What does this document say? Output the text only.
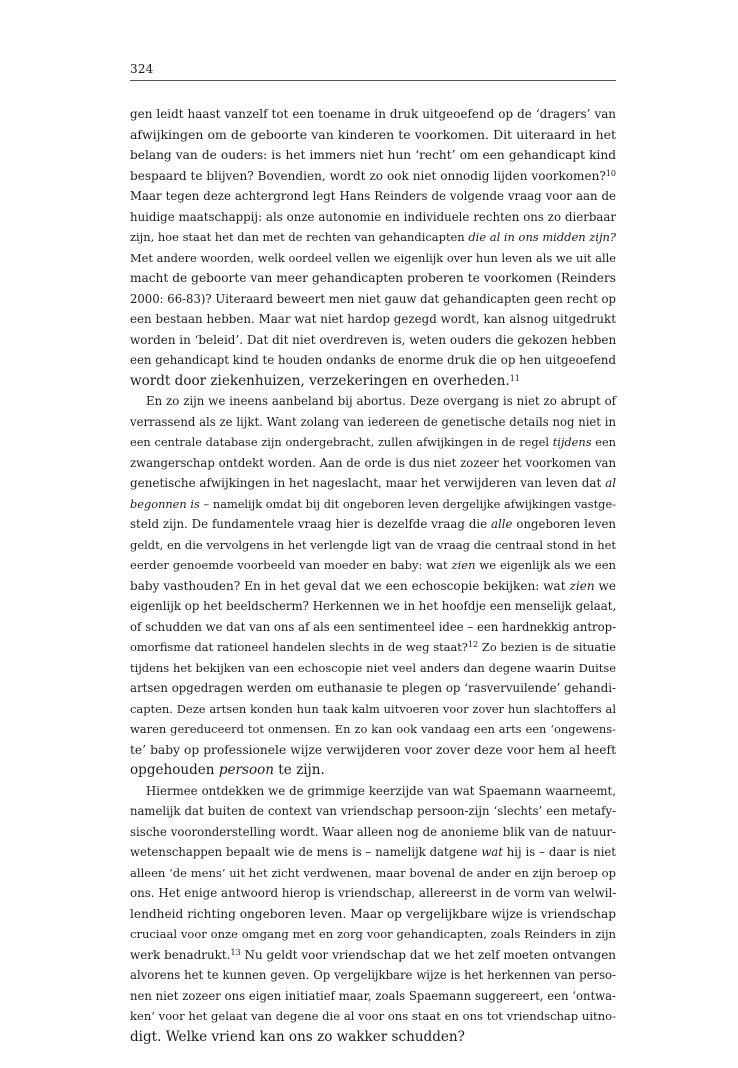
324
gen leidt haast vanzelf tot een toename in druk uitgeoefend op de ‘dragers’ van
afwijkingen om de geboorte van kinderen te voorkomen. Dit uiteraard in het
belang van de ouders: is het immers niet hun ‘recht’ om een gehandicapt kind
bespaard te blijven? Bovendien, wordt zo ook niet onnodig lijden voorkomen?$^{10}$
Maar tegen deze achtergrond legt Hans Reinders de volgende vraag voor aan de
huidige maatschappij: als onze autonomie en individuele rechten ons zo dierbaar
zijn, hoe staat het dan met de rechten van gehandicapten die al in ons midden zijn?
Met andere woorden, welk oordeel vellen we eigenlijk over hun leven als we uit alle
macht de geboorte van meer gehandicapten proberen te voorkomen (Reinders
2000: 66-83)? Uiteraard beweert men niet gauw dat gehandicapten geen recht op
een bestaan hebben. Maar wat niet hardop gezegd wordt, kan alsnog uitgedrukt
worden in ‘beleid’. Dat dit niet overdreven is, weten ouders die gekozen hebben
een gehandicapt kind te houden ondanks de enorme druk die op hen uitgeoefend
wordt door ziekenhuizen, verzekeringen en overheden.$^{11}$
En zo zijn we ineens aanbeland bij abortus. Deze overgang is niet zo abrupt of
verrassend als ze lijkt. Want zolang van iedereen de genetische details nog niet in
een centrale database zijn ondergebracht, zullen afwijkingen in de regel tijdens een
zwangerschap ontdekt worden. Aan de orde is dus niet zozeer het voorkomen van
genetische afwijkingen in het nageslacht, maar het verwijderen van leven dat al
begonnen is – namelijk omdat bij dit ongeboren leven dergelijke afwijkingen vastge-
steld zijn. De fundamentele vraag hier is dezelfde vraag die alle ongeboren leven
geldt, en die vervolgens in het verlengde ligt van de vraag die centraal stond in het
eerder genoemde voorbeeld van moeder en baby: wat zien we eigenlijk als we een
baby vasthouden? En in het geval dat we een echoscopie bekijken: wat zien we
eigenlijk op het beeldscherm? Herkennen we in het hoofdje een menselijk gelaat,
of schudden we dat van ons af als een sentimenteel idee – een hardnekkig antrop-
omorfisme dat rationeel handelen slechts in de weg staat?$^{12}$ Zo bezien is de situatie
tijdens het bekijken van een echoscopie niet veel anders dan degene waarin Duitse
artsen opgedragen werden om euthanasie te plegen op ‘rasvervuilende’ gehandi-
capten. Deze artsen konden hun taak kalm uitvoeren voor zover hun slachtoffers al
waren gereduceerd tot onmensen. En zo kan ook vandaag een arts een ‘ongewens-
te’ baby op professionele wijze verwijderen voor zover deze voor hem al heeft
opgehouden persoon te zijn.
Hiermee ontdekken we de grimmige keerzijde van wat Spaemann waarneemt,
namelijk dat buiten de context van vriendschap persoon-zijn ‘slechts’ een metafy-
sische vooronderstelling wordt. Waar alleen nog de anonieme blik van de natuur-
wetenschappen bepaalt wie de mens is – namelijk datgene wat hij is – daar is niet
alleen ‘de mens’ uit het zicht verdwenen, maar bovenal de ander en zijn beroep op
ons. Het enige antwoord hierop is vriendschap, allereerst in de vorm van welwil-
lendheid richting ongeboren leven. Maar op vergelijkbare wijze is vriendschap
cruciaal voor onze omgang met en zorg voor gehandicapten, zoals Reinders in zijn
werk benadrukt.$^{13}$ Nu geldt voor vriendschap dat we het zelf moeten ontvangen
alvorens het te kunnen geven. Op vergelijkbare wijze is het herkennen van perso-
nen niet zozeer ons eigen initiatief maar, zoals Spaemann suggereert, een ‘ontwa-
ken’ voor het gelaat van degene die al voor ons staat en ons tot vriendschap uitno-
digt. Welke vriend kan ons zo wakker schudden?
